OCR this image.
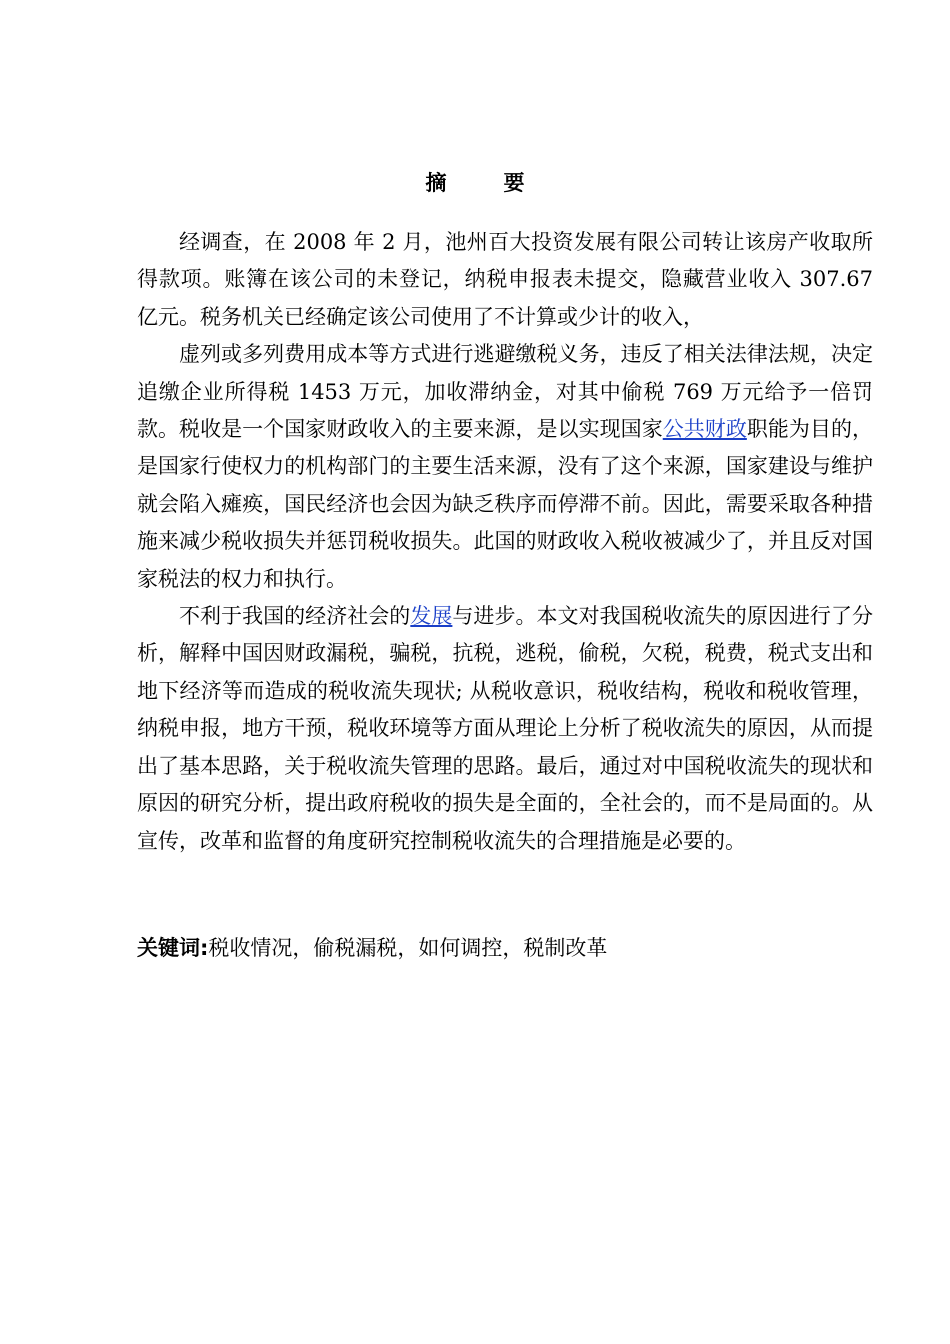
摘　要

经调查，在 2008 年 2 月，池州百大投资发展有限公司转让该房产收取所得款项。账簿在该公司的未登记，纳税申报表未提交，隐藏营业收入 307.67 亿元。税务机关已经确定该公司使用了不计算或少计的收入，

虚列或多列费用成本等方式进行逃避缴税义务，违反了相关法律法规，决定追缴企业所得税 1453 万元，加收滞纳金，对其中偷税 769 万元给予一倍罚款。税收是一个国家财政收入的主要来源，是以实现国家公共财政职能为目的，是国家行使权力的机构部门的主要生活来源，没有了这个来源，国家建设与维护就会陷入瘫痪，国民经济也会因为缺乏秩序而停滞不前。因此，需要采取各种措施来减少税收损失并惩罚税收损失。此国的财政收入税收被减少了，并且反对国家税法的权力和执行。

不利于我国的经济社会的发展与进步。本文对我国税收流失的原因进行了分析，解释中国因财政漏税，骗税，抗税，逃税，偷税，欠税，税费，税式支出和地下经济等而造成的税收流失现状; 从税收意识，税收结构，税收和税收管理，纳税申报，地方干预，税收环境等方面从理论上分析了税收流失的原因，从而提出了基本思路，关于税收流失管理的思路。最后，通过对中国税收流失的现状和原因的研究分析，提出政府税收的损失是全面的，全社会的，而不是局面的。从宣传，改革和监督的角度研究控制税收流失的合理措施是必要的。

关键词:税收情况，偷税漏税，如何调控，税制改革
